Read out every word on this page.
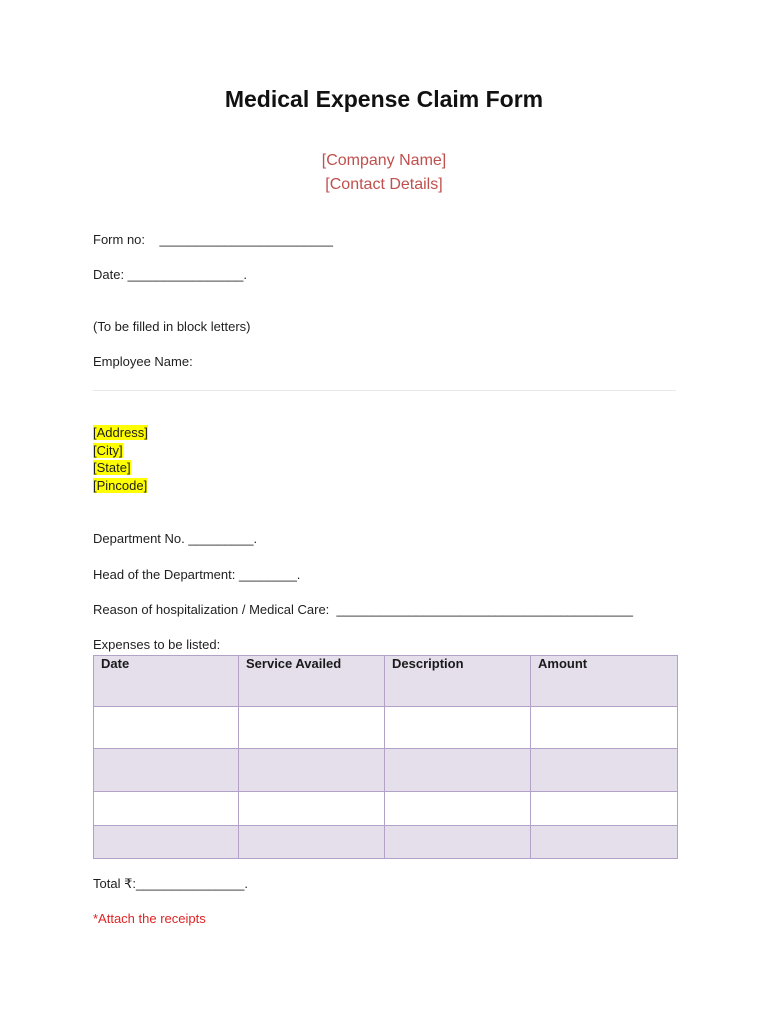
Medical Expense Claim Form
[Company Name]
[Contact Details]
Form no:    ________________________
Date: ________________.
(To be filled in block letters)
Employee Name:
[Address]
[City]
[State]
[Pincode]
Department No. _________.
Head of the Department: ________.
Reason of hospitalization / Medical Care:  _________________________________________
Expenses to be listed:
Date	Service Availed	Description	Amount

Total ₹:_______________.
*Attach the receipts
